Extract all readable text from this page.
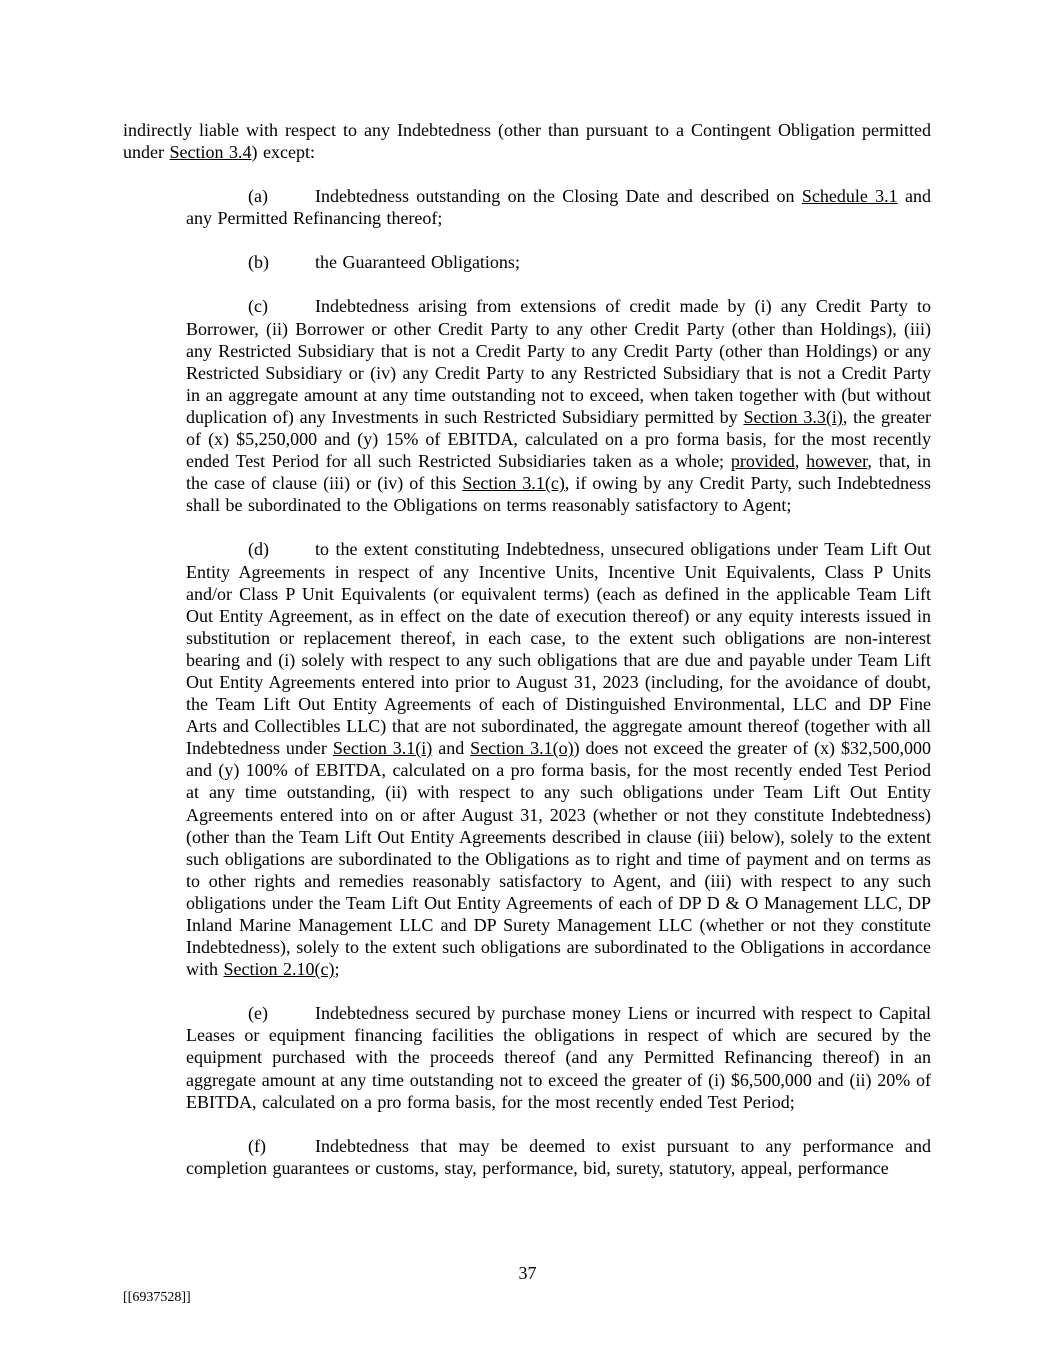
indirectly liable with respect to any Indebtedness (other than pursuant to a Contingent Obligation permitted under Section 3.4) except:

(a)	Indebtedness outstanding on the Closing Date and described on Schedule 3.1 and any Permitted Refinancing thereof;

(b)	the Guaranteed Obligations;

(c)	Indebtedness arising from extensions of credit made by (i) any Credit Party to Borrower, (ii) Borrower or other Credit Party to any other Credit Party (other than Holdings), (iii) any Restricted Subsidiary that is not a Credit Party to any Credit Party (other than Holdings) or any Restricted Subsidiary or (iv) any Credit Party to any Restricted Subsidiary that is not a Credit Party in an aggregate amount at any time outstanding not to exceed, when taken together with (but without duplication of) any Investments in such Restricted Subsidiary permitted by Section 3.3(i), the greater of (x) $5,250,000 and (y) 15% of EBITDA, calculated on a pro forma basis, for the most recently ended Test Period for all such Restricted Subsidiaries taken as a whole; provided, however, that, in the case of clause (iii) or (iv) of this Section 3.1(c), if owing by any Credit Party, such Indebtedness shall be subordinated to the Obligations on terms reasonably satisfactory to Agent;

(d)	to the extent constituting Indebtedness, unsecured obligations under Team Lift Out Entity Agreements in respect of any Incentive Units, Incentive Unit Equivalents, Class P Units and/or Class P Unit Equivalents (or equivalent terms) (each as defined in the applicable Team Lift Out Entity Agreement, as in effect on the date of execution thereof) or any equity interests issued in substitution or replacement thereof, in each case, to the extent such obligations are non-interest bearing and (i) solely with respect to any such obligations that are due and payable under Team Lift Out Entity Agreements entered into prior to August 31, 2023 (including, for the avoidance of doubt, the Team Lift Out Entity Agreements of each of Distinguished Environmental, LLC and DP Fine Arts and Collectibles LLC) that are not subordinated, the aggregate amount thereof (together with all Indebtedness under Section 3.1(i) and Section 3.1(o)) does not exceed the greater of (x) $32,500,000 and (y) 100% of EBITDA, calculated on a pro forma basis, for the most recently ended Test Period at any time outstanding, (ii) with respect to any such obligations under Team Lift Out Entity Agreements entered into on or after August 31, 2023 (whether or not they constitute Indebtedness) (other than the Team Lift Out Entity Agreements described in clause (iii) below), solely to the extent such obligations are subordinated to the Obligations as to right and time of payment and on terms as to other rights and remedies reasonably satisfactory to Agent, and (iii) with respect to any such obligations under the Team Lift Out Entity Agreements of each of DP D & O Management LLC, DP Inland Marine Management LLC and DP Surety Management LLC (whether or not they constitute Indebtedness), solely to the extent such obligations are subordinated to the Obligations in accordance with Section 2.10(c);

(e)	Indebtedness secured by purchase money Liens or incurred with respect to Capital Leases or equipment financing facilities the obligations in respect of which are secured by the equipment purchased with the proceeds thereof (and any Permitted Refinancing thereof) in an aggregate amount at any time outstanding not to exceed the greater of (i) $6,500,000 and (ii) 20% of EBITDA, calculated on a pro forma basis, for the most recently ended Test Period;

(f)	Indebtedness that may be deemed to exist pursuant to any performance and completion guarantees or customs, stay, performance, bid, surety, statutory, appeal, performance

37
[[6937528]]
